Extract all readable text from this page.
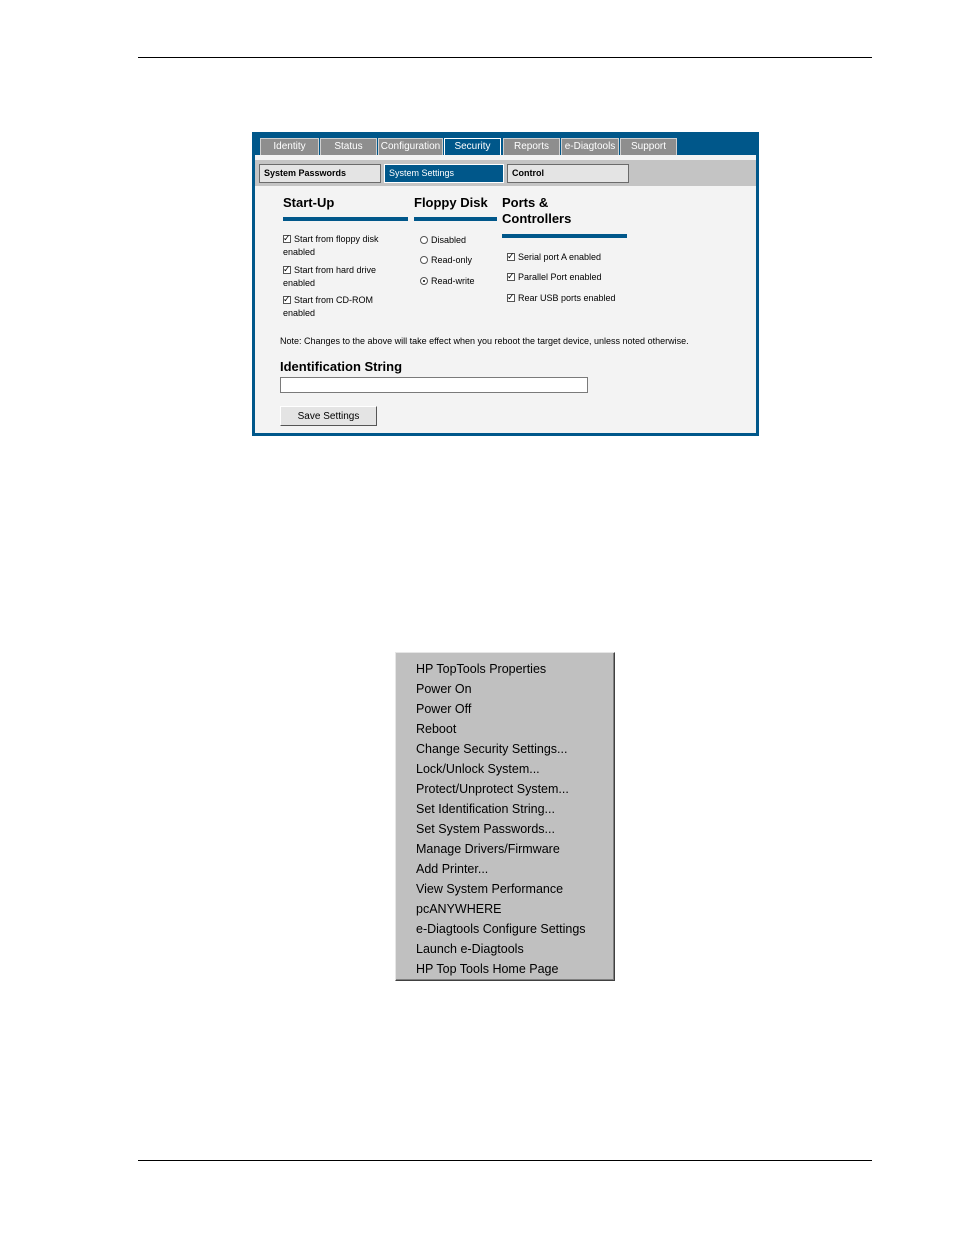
Identity	Status	Configuration	Security	Reports	e-Diagtools	Support
System Passwords	System Settings	Control
Start-Up
✓Start from floppy disk enabled
✓Start from hard drive enabled
✓Start from CD-ROM enabled
Floppy Disk
Disabled
Read-only
Read-write
Ports & Controllers
✓Serial port A enabled
✓Parallel Port enabled
✓Rear USB ports enabled
Note: Changes to the above will take effect when you reboot the target device, unless noted otherwise.
Identification String
Save Settings
HP TopTools Properties
Power On
Power Off
Reboot
Change Security Settings...
Lock/Unlock System...
Protect/Unprotect System...
Set Identification String...
Set System Passwords...
Manage Drivers/Firmware
Add Printer...
View System Performance
pcANYWHERE
e-Diagtools Configure Settings
Launch e-Diagtools
HP Top Tools Home Page
